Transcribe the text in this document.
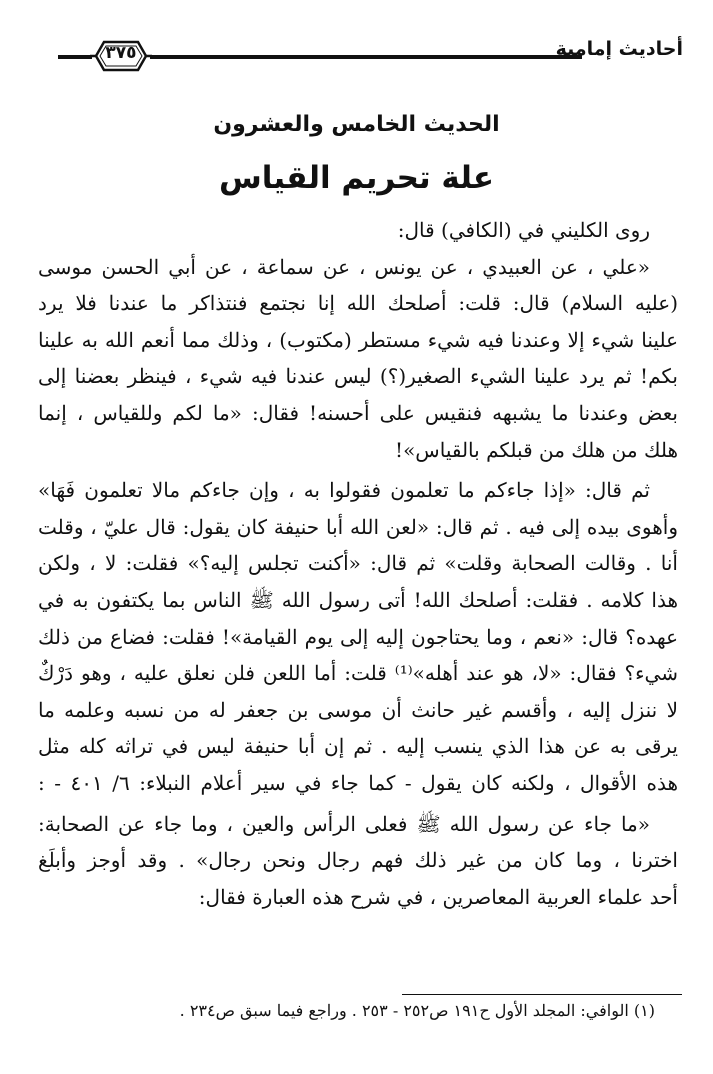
أحاديث إمامية
٣٧٥
الحديث الخامس والعشرون
علة تحريم القياس
روى الكليني في (الكافي) قال:
«علي ، عن العبيدي ، عن يونس ، عن سماعة ، عن أبي الحسن موسى
(عليه السلام) قال: قلت: أصلحك الله إنا نجتمع فنتذاكر ما عندنا فلا يرد
علينا شيء إلا وعندنا فيه شيء مستطر (مكتوب) ، وذلك مما أنعم الله به علينا
بكم! ثم يرد علينا الشيء الصغير(؟) ليس عندنا فيه شيء ، فينظر بعضنا إلى
بعض وعندنا ما يشبهه فنقيس على أحسنه! فقال: «ما لكم وللقياس ، إنما
هلك من هلك من قبلكم بالقياس»!
ثم قال: «إذا جاءكم ما تعلمون فقولوا به ، وإن جاءكم مالا تعلمون فَهَا»
وأهوى بيده إلى فيه . ثم قال: «لعن الله أبا حنيفة كان يقول: قال عليّ ، وقلت
أنا . وقالت الصحابة وقلت» ثم قال: «أكنت تجلس إليه؟» فقلت: لا ، ولكن
هذا كلامه . فقلت: أصلحك الله! أتى رسول الله ﷺ الناس بما يكتفون به في
عهده؟ قال: «نعم ، وما يحتاجون إليه إلى يوم القيامة»! فقلت: فضاع من ذلك
شيء؟ فقال: «لا، هو عند أهله»⁽¹⁾ قلت: أما اللعن فلن نعلق عليه ، وهو دَرْكٌ
لا ننزل إليه ، وأقسم غير حانث أن موسى بن جعفر له من نسبه وعلمه ما
يرقى به عن هذا الذي ينسب إليه . ثم إن أبا حنيفة ليس في تراثه كله مثل
هذه الأقوال ، ولكنه كان يقول - كما جاء في سير أعلام النبلاء: ٦/ ٤٠١ - :
«ما جاء عن رسول الله ﷺ فعلى الرأس والعين ، وما جاء عن الصحابة:
اخترنا ، وما كان من غير ذلك فهم رجال ونحن رجال» . وقد أوجز وأبلَغ
أحد علماء العربية المعاصرين ، في شرح هذه العبارة فقال:
(١) الوافي: المجلد الأول ح١٩١ ص٢٥٢ - ٢٥٣ . وراجع فيما سبق ص٢٣٤ .
